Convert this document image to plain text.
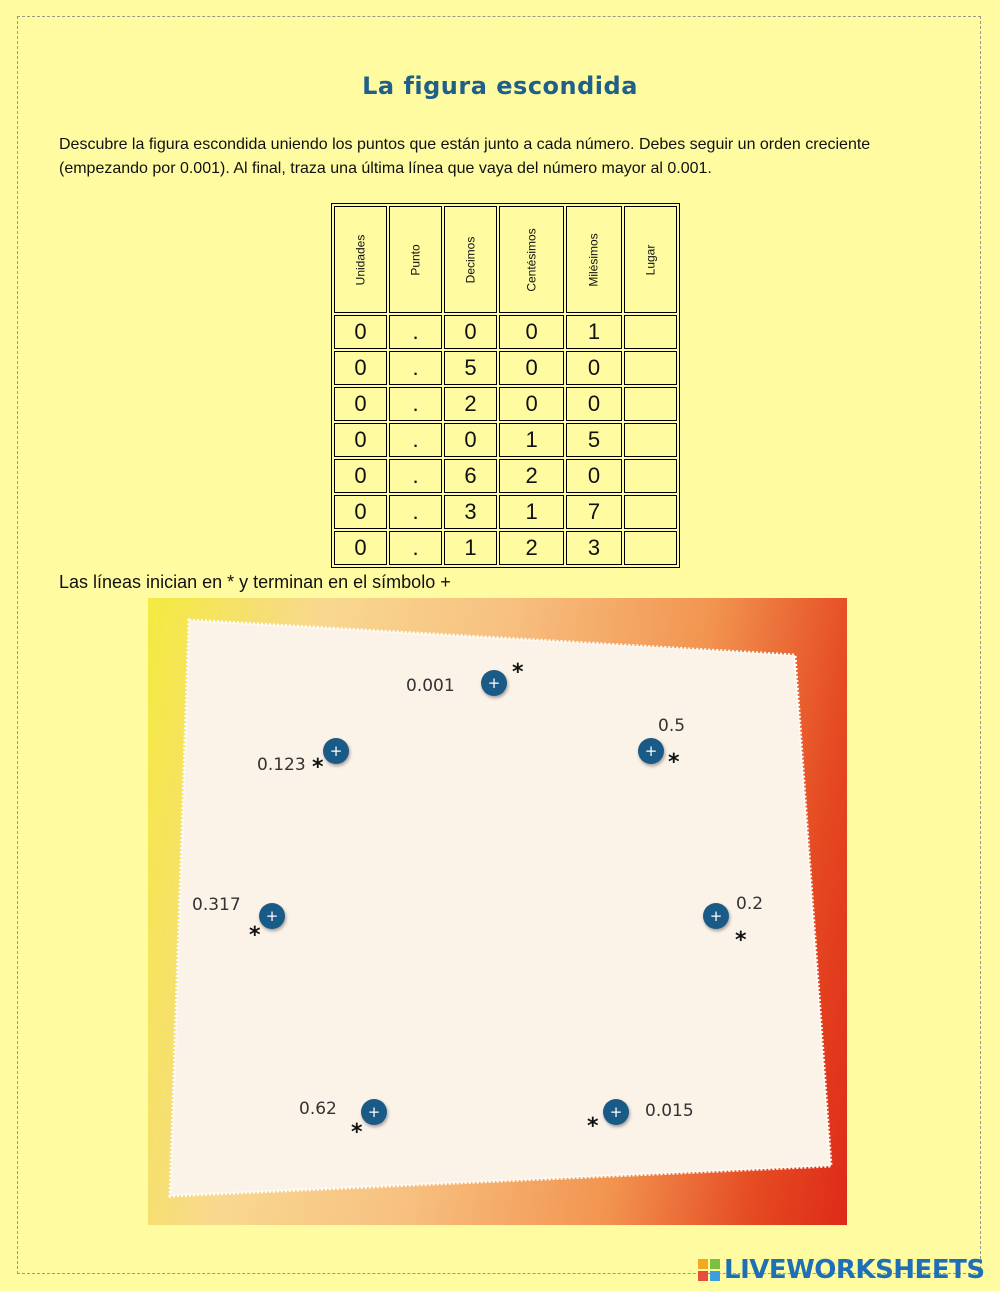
La figura escondida
Descubre la figura escondida uniendo los puntos que están junto a cada número. Debes seguir un orden creciente (empezando por 0.001). Al final, traza una última línea que vaya del número mayor al 0.001.
Unidades	Punto	Decimos	Centésimos	Milésimos	Lugar
0	.	0	0	1	
0	.	5	0	0	
0	.	2	0	0	
0	.	0	1	5	
0	.	6	2	0	
0	.	3	1	7	
0	.	1	2	3	
Las líneas inician en * y terminan en el símbolo +
0.001	+ *
0.5
+ *
0.123
+
*
0.317
+
*
0.2
+
*
0.62	+
*
0.015
+
*
LIVEWORKSHEETS
